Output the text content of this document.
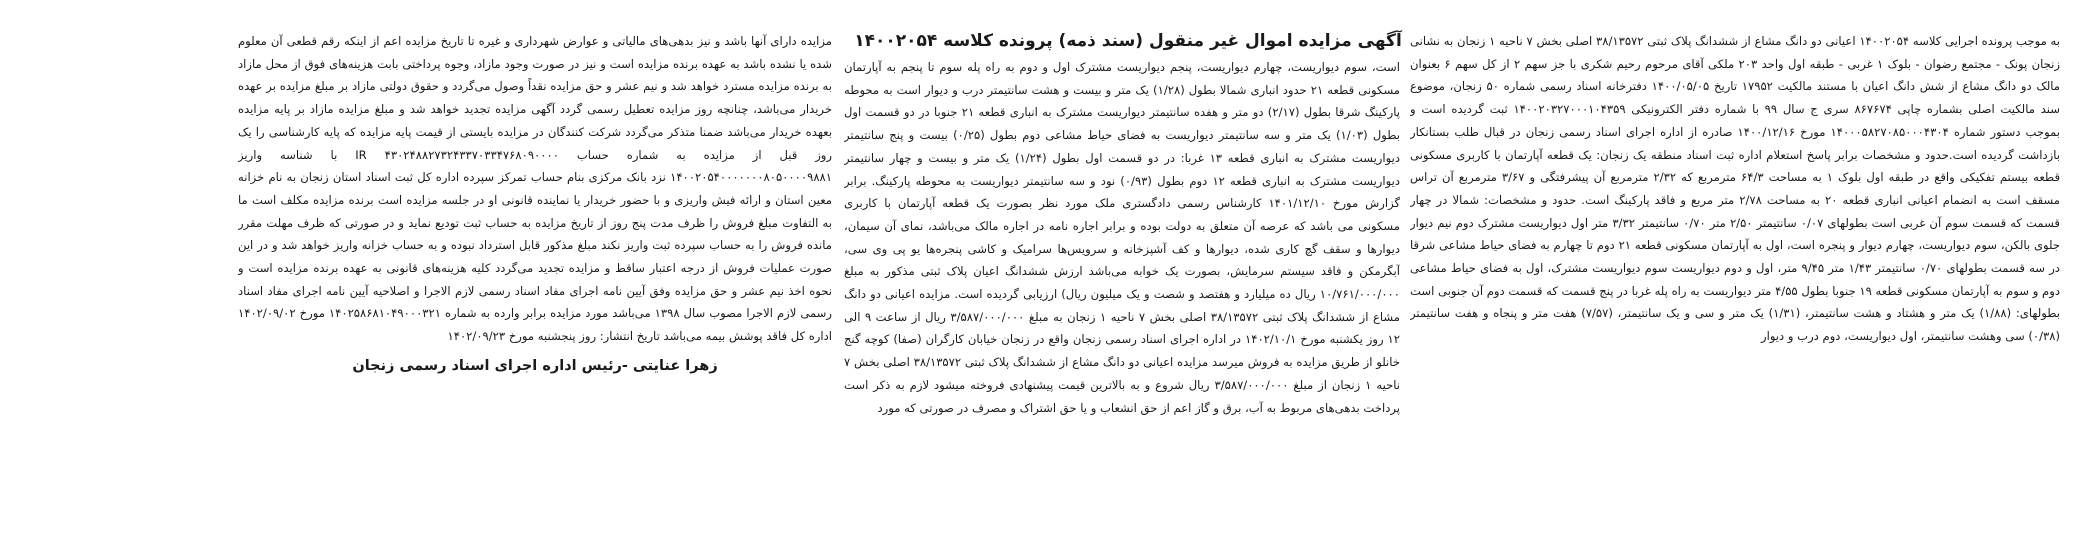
آگهی مزایده اموال غیر منقول (سند ذمه) پرونده کلاسه ۱۴۰۰۲۰۵۴ به موجب پرونده اجرایی کلاسه ۱۴۰۰۲۰۵۴ اعیانی دو دانگ مشاع از ششدانگ پلاک ثبتی ۳۸/۱۳۵۷۲ اصلی بخش ۷ ناحیه ۱ زنجان به نشانی زنجان پونک - مجتمع رضوان - بلوک ۱ غربی - طبقه اول واحد ۲۰۳ ملکی آقای مرحوم رحیم شکری با جز سهم ۲ از کل سهم ۶ بعنوان مالک دو دانگ مشاع از شش دانگ اعیان با مستند مالکیت ۱۷۹۵۲ تاریخ ۱۴۰۰/۰۵/۰۵ دفترخانه اسناد رسمی شماره ۵۰ زنجان، موضوع سند مالکیت اصلی بشماره چاپی ۸۶۷۶۷۴ سری ج سال ۹۹ با شماره دفتر الکترونیکی ۱۴۰۰۲۰۳۲۷۰۰۰۱۰۴۳۵۹ ثبت گردیده است و بموجب دستور شماره ۱۴۰۰۰۵۸۲۷۰۸۵۰۰۰۴۳۰۴ مورخ ۱۴۰۰/۱۲/۱۶ صادره از اداره اجرای اسناد رسمی زنجان در قبال طلب بستانکار بازداشت گردیده است.حدود و مشخصات برابر پاسخ استعلام اداره ثبت اسناد منطقه یک زنجان: یک قطعه آپارتمان با کاربری مسکونی قطعه بیستم تفکیکی واقع در طبقه اول بلوک ۱ به مساحت ۶۴/۳ مترمربع که ۲/۳۲ مترمربع آن پیشرفتگی و ۳/۶۷ مترمربع آن تراس مسقف است به انضمام اعیانی انباری قطعه ۲۰ به مساحت ۲/۷۸ متر مربع و فاقد پارکینگ است. حدود و مشخصات: شمالا در چهار قسمت که قسمت سوم آن غربی است بطولهای ۰/۰۷ سانتیمتر ۲/۵۰ متر ۰/۷۰ سانتیمتر ۳/۳۲ متر اول دیواریست مشترک دوم نیم دیوار جلوی بالکن، سوم دیواریست، چهارم دیوار و پنجره است، اول به آپارتمان مسکونی قطعه ۲۱ دوم تا چهارم به فضای حیاط مشاعی شرقا در سه قسمت بطولهای ۰/۷۰ سانتیمتر ۱/۴۳ متر ۹/۴۵ متر، اول و دوم دیواریست سوم دیواریست مشترک، اول به فضای حیاط مشاعی دوم و سوم به آپارتمان مسکونی قطعه ۱۹ جنوبا بطول ۴/۵۵ متر دیواریست به راه پله غربا در پنج قسمت که قسمت دوم آن جنوبی است بطولهای: (۱/۸۸) یک متر و هشتاد و هشت سانتیمتر، (۱/۳۱) یک متر و سی و یک سانتیمتر، (۷/۵۷) هفت متر و پنجاه و هفت سانتیمتر (۰/۳۸) سی وهشت سانتیمتر، اول دیواریست، دوم درب و دیوار

است، سوم دیواریست، چهارم دیواریست، پنجم دیواریست مشترک اول و دوم به راه پله سوم تا پنجم به آپارتمان مسکونی قطعه ۲۱ حدود انباری شمالا بطول (۱/۲۸) یک متر و بیست و هشت سانتیمتر درب و دیوار است به محوطه پارکینگ شرقا بطول (۲/۱۷) دو متر و هفده سانتیمتر دیواریست مشترک به انباری قطعه ۲۱ جنوبا در دو قسمت اول بطول (۱/۰۳) یک متر و سه سانتیمتر دیواریست به فضای حیاط مشاعی دوم بطول (۰/۲۵) بیست و پنج سانتیمتر دیواریست مشترک به انباری قطعه ۱۳ غربا: در دو قسمت اول بطول (۱/۲۴) یک متر و بیست و چهار سانتیمتر دیواریست مشترک به انباری قطعه ۱۲ دوم بطول (۰/۹۳) نود و سه سانتیمتر دیواریست به محوطه پارکینگ. برابر گزارش مورخ ۱۴۰۱/۱۲/۱۰ کارشناس رسمی دادگستری ملک مورد نظر بصورت یک قطعه آپارتمان با کاربری مسکونی می باشد که عرصه آن متعلق به دولت بوده و برابر اجاره نامه در اجاره مالک می‌باشد، نمای آن سیمان، دیوارها و سقف گچ کاری شده، دیوارها و کف آشپزخانه و سرویس‌ها سرامیک و کاشی پنجره‌ها یو پی وی سی، آبگرمکن و فاقد سیستم سرمایش، بصورت یک خوابه می‌باشد ارزش ششدانگ اعیان پلاک ثبتی مذکور به مبلغ ۱۰/۷۶۱/۰۰۰/۰۰۰ ریال ده میلیارد و هفتصد و شصت و یک میلیون ریال) ارزیابی گردیده است. مزایده اعیانی دو دانگ مشاع از ششدانگ پلاک ثبتی ۳۸/۱۳۵۷۲ اصلی بخش ۷ ناحیه ۱ زنجان به مبلغ ۳/۵۸۷/۰۰۰/۰۰۰ ریال از ساعت ۹ الی ۱۲ روز یکشنبه مورخ ۱۴۰۲/۱۰/۱ در اداره اجرای اسناد رسمی زنجان واقع در زنجان خیابان کارگران (صفا) کوچه گنج خانلو از طریق مزایده به فروش میرسد مزایده اعیانی دو دانگ مشاع از ششدانگ پلاک ثبتی ۳۸/۱۳۵۷۲ اصلی بخش ۷ ناحیه ۱ زنجان از مبلغ ۳/۵۸۷/۰۰۰/۰۰۰ ریال شروع و به بالاترین قیمت پیشنهادی فروخته میشود لازم به ذکر است پرداخت بدهی‌های مربوط به آب، برق و گاز اعم از حق انشعاب و یا حق اشتراک و مصرف در صورتی که مورد

مزایده دارای آنها باشد و نیز بدهی‌های مالیاتی و عوارض شهرداری و غیره تا تاریخ مزایده اعم از اینکه رقم قطعی آن معلوم شده یا نشده باشد به عهده برنده مزایده است و نیز در صورت وجود مازاد، وجوه پرداختی بابت هزینه‌های فوق از محل مازاد به برنده مزایده مسترد خواهد شد و نیم عشر و حق مزایده نقداً وصول می‌گردد و حقوق دولتی مازاد بر مبلغ مزایده بر عهده خریدار می‌باشد، چنانچه روز مزایده تعطیل رسمی گردد آگهی مزایده تجدید خواهد شد و مبلغ مزایده مازاد بر پایه مزایده بعهده خریدار می‌باشد ضمنا متذکر می‌گردد شرکت کنندگان در مزایده بایستی از قیمت پایه مزایده که پایه کارشناسی را یک روز قبل از مزایده به شماره حساب ۴۳۰۲۴۸۸۲۷۳۲۴۳۳۷۰۳۳۴۷۶۸۰۹۰۰۰۰ IR با شناسه واریز ۱۴۰۰۲۰۵۴۰۰۰۰۰۰۰۸۰۵۰۰۰۰۹۸۸۱ نزد بانک مرکزی بنام حساب تمرکز سپرده اداره کل ثبت اسناد استان زنجان به نام خزانه معین استان و ارائه فیش واریزی و با حضور خریدار یا نماینده قانونی او در جلسه مزایده است برنده مزایده مکلف است ما به التفاوت مبلغ فروش را ظرف مدت پنج روز از تاریخ مزایده به حساب ثبت تودیع نماید و در صورتی که ظرف مهلت مقرر مانده فروش را به حساب سپرده ثبت واریز نکند مبلغ مذکور قابل استرداد نبوده و به حساب خزانه واریز خواهد شد و در این صورت عملیات فروش از درجه اعتبار ساقط و مزایده تجدید می‌گردد کلیه هزینه‌های قانونی به عهده برنده مزایده است و نحوه اخذ نیم عشر و حق مزایده وفق آیین نامه اجرای مفاد اسناد رسمی لازم الاجرا و اصلاحیه آیین نامه اجرای مفاد اسناد رسمی لازم الاجرا مصوب سال ۱۳۹۸ می‌باشد مورد مزایده برابر وارده به شماره ۱۴۰۲۵۸۶۸۱۰۴۹۰۰۰۳۲۱ مورخ ۱۴۰۲/۰۹/۰۲ اداره کل فاقد پوشش بیمه می‌باشد تاریخ انتشار: روز پنجشنبه مورخ ۱۴۰۲/۰۹/۲۳

زهرا عنایتی -رئیس اداره اجرای اسناد رسمی زنجان
